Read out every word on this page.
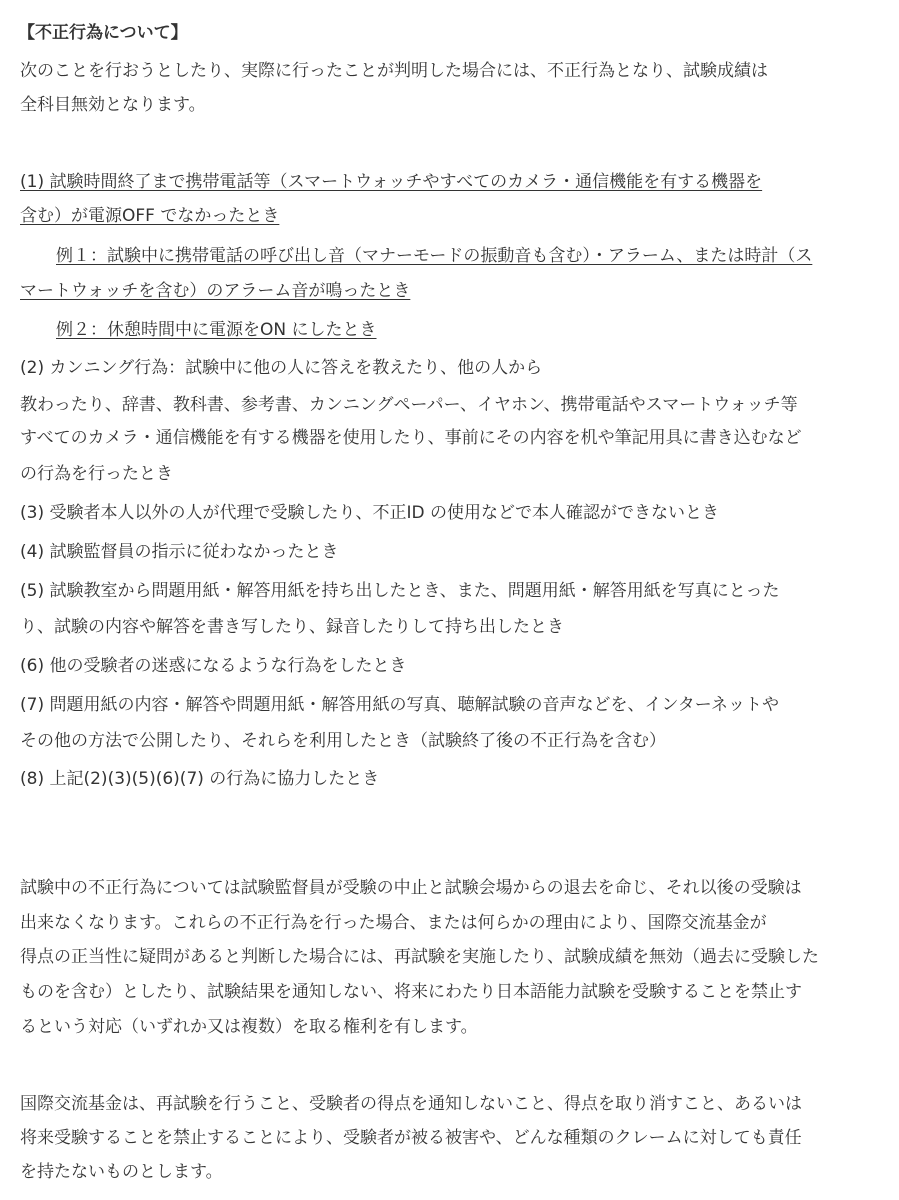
【不正行為について】
次のことを行おうとしたり、実際に行ったことが判明した場合には、不正行為となり、試験成績は
全科目無効となります。
(1) 試験時間終了まで携帯電話等（スマートウォッチやすべてのカメラ・通信機能を有する機器を
含む）が電源OFF でなかったとき
例１：試験中に携帯電話の呼び出し音（マナーモードの振動音も含む）・アラーム、または時計（ス
マートウォッチを含む）のアラーム音が鳴ったとき
例２：休憩時間中に電源をON にしたとき
(2) カンニング行為：試験中に他の人に答えを教えたり、他の人から
教わったり、辞書、教科書、参考書、カンニングペーパー、イヤホン、携帯電話やスマートウォッチ等
すべてのカメラ・通信機能を有する機器を使用したり、事前にその内容を机や筆記用具に書き込むなど
の行為を行ったとき
(3) 受験者本人以外の人が代理で受験したり、不正ID の使用などで本人確認ができないとき
(4) 試験監督員の指示に従わなかったとき
(5) 試験教室から問題用紙・解答用紙を持ち出したとき、また、問題用紙・解答用紙を写真にとった
り、試験の内容や解答を書き写したり、録音したりして持ち出したとき
(6) 他の受験者の迷惑になるような行為をしたとき
(7) 問題用紙の内容・解答や問題用紙・解答用紙の写真、聴解試験の音声などを、インターネットや
その他の方法で公開したり、それらを利用したとき（試験終了後の不正行為を含む）
(8) 上記(2)(3)(5)(6)(7) の行為に協力したとき
試験中の不正行為については試験監督員が受験の中止と試験会場からの退去を命じ、それ以後の受験は
出来なくなります。これらの不正行為を行った場合、または何らかの理由により、国際交流基金が
得点の正当性に疑問があると判断した場合には、再試験を実施したり、試験成績を無効（過去に受験した
ものを含む）としたり、試験結果を通知しない、将来にわたり日本語能力試験を受験することを禁止す
るという対応（いずれか又は複数）を取る権利を有します。
国際交流基金は、再試験を行うこと、受験者の得点を通知しないこと、得点を取り消すこと、あるいは
将来受験することを禁止することにより、受験者が被る被害や、どんな種類のクレームに対しても責任
を持たないものとします。
